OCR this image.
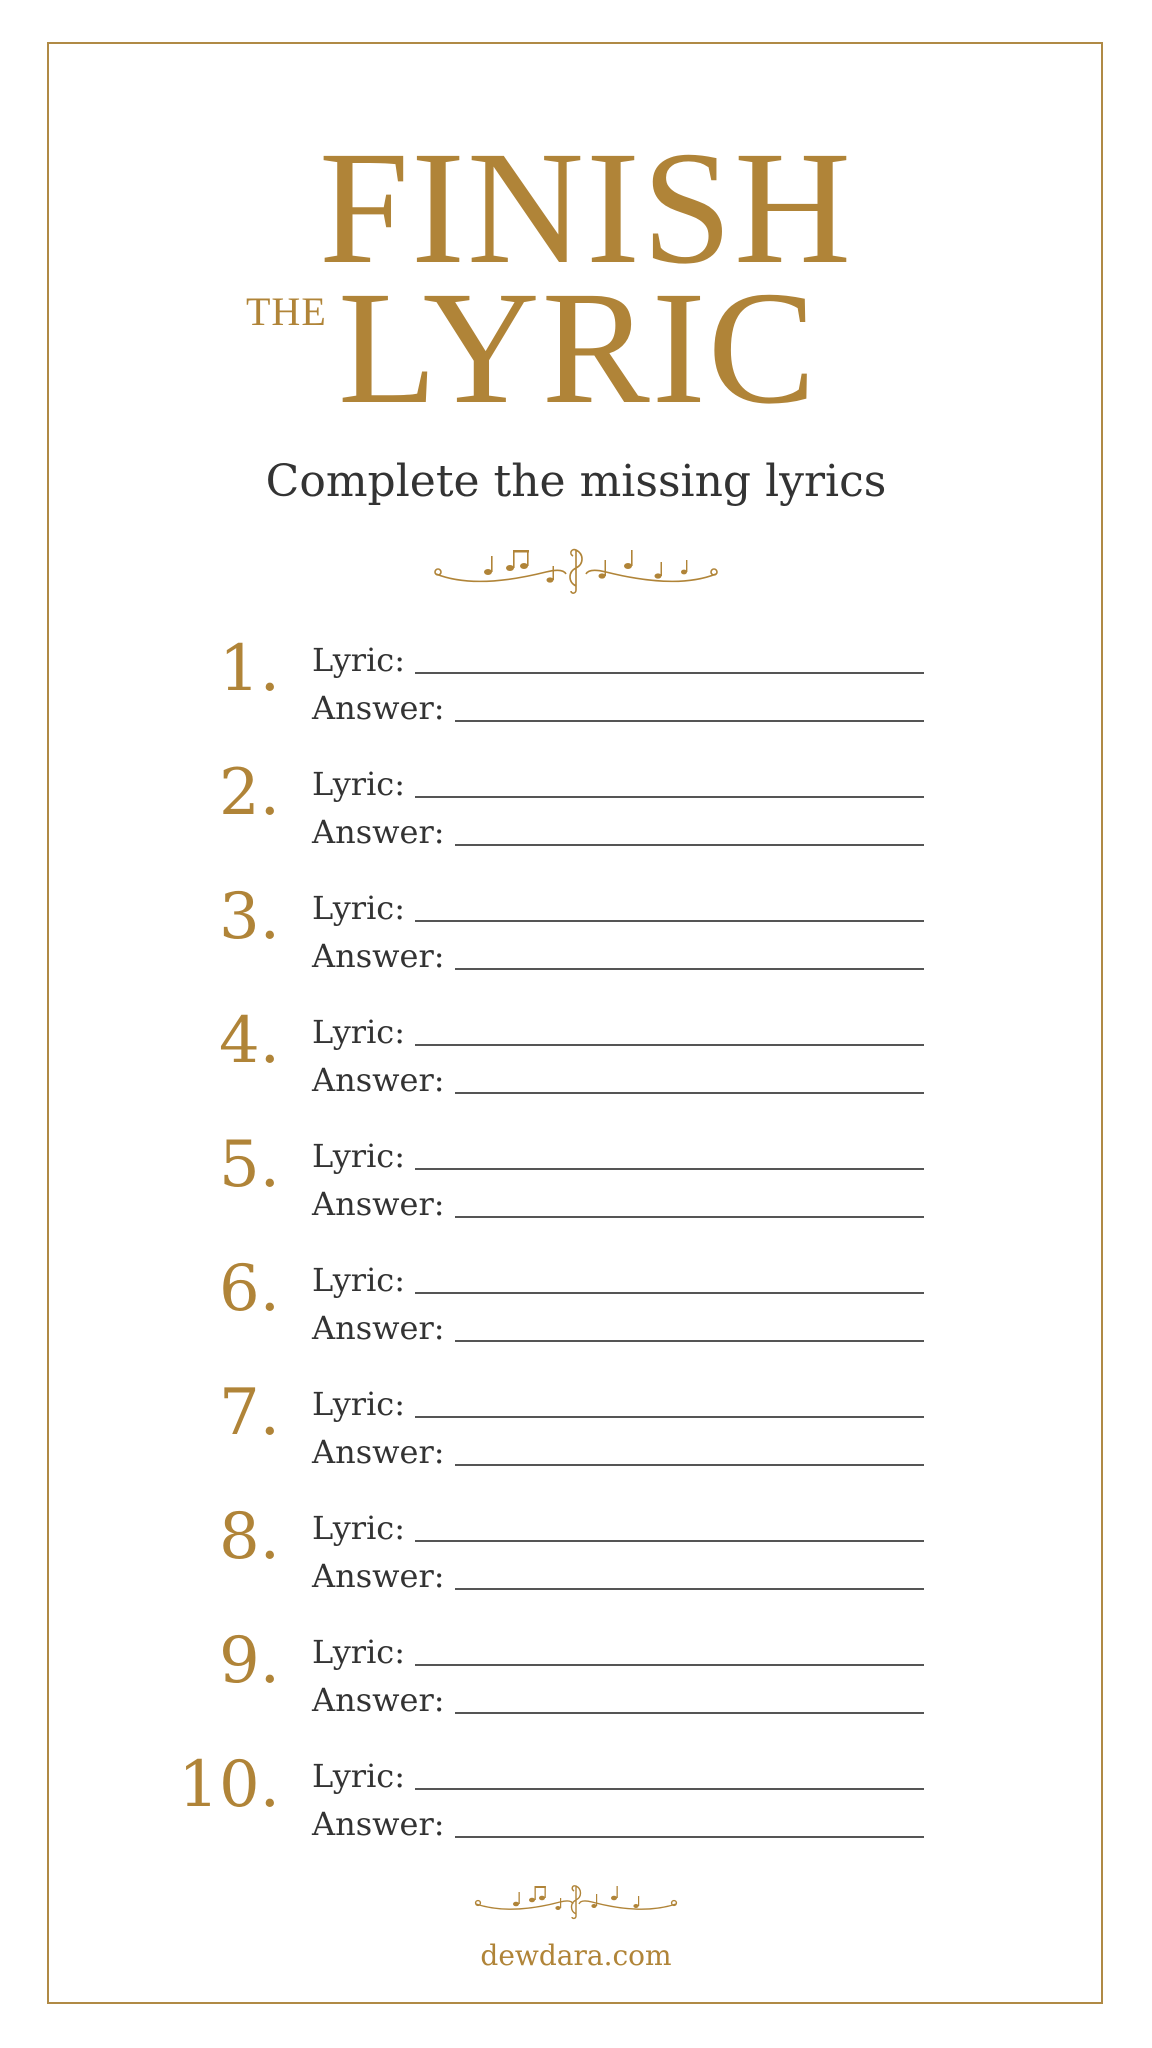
FINISH
THE LYRIC
Complete the missing lyrics
1. Lyric:
Answer:
2. Lyric:
Answer:
3. Lyric:
Answer:
4. Lyric:
Answer:
5. Lyric:
Answer:
6. Lyric:
Answer:
7. Lyric:
Answer:
8. Lyric:
Answer:
9. Lyric:
Answer:
10. Lyric:
Answer:
dewdara.com
